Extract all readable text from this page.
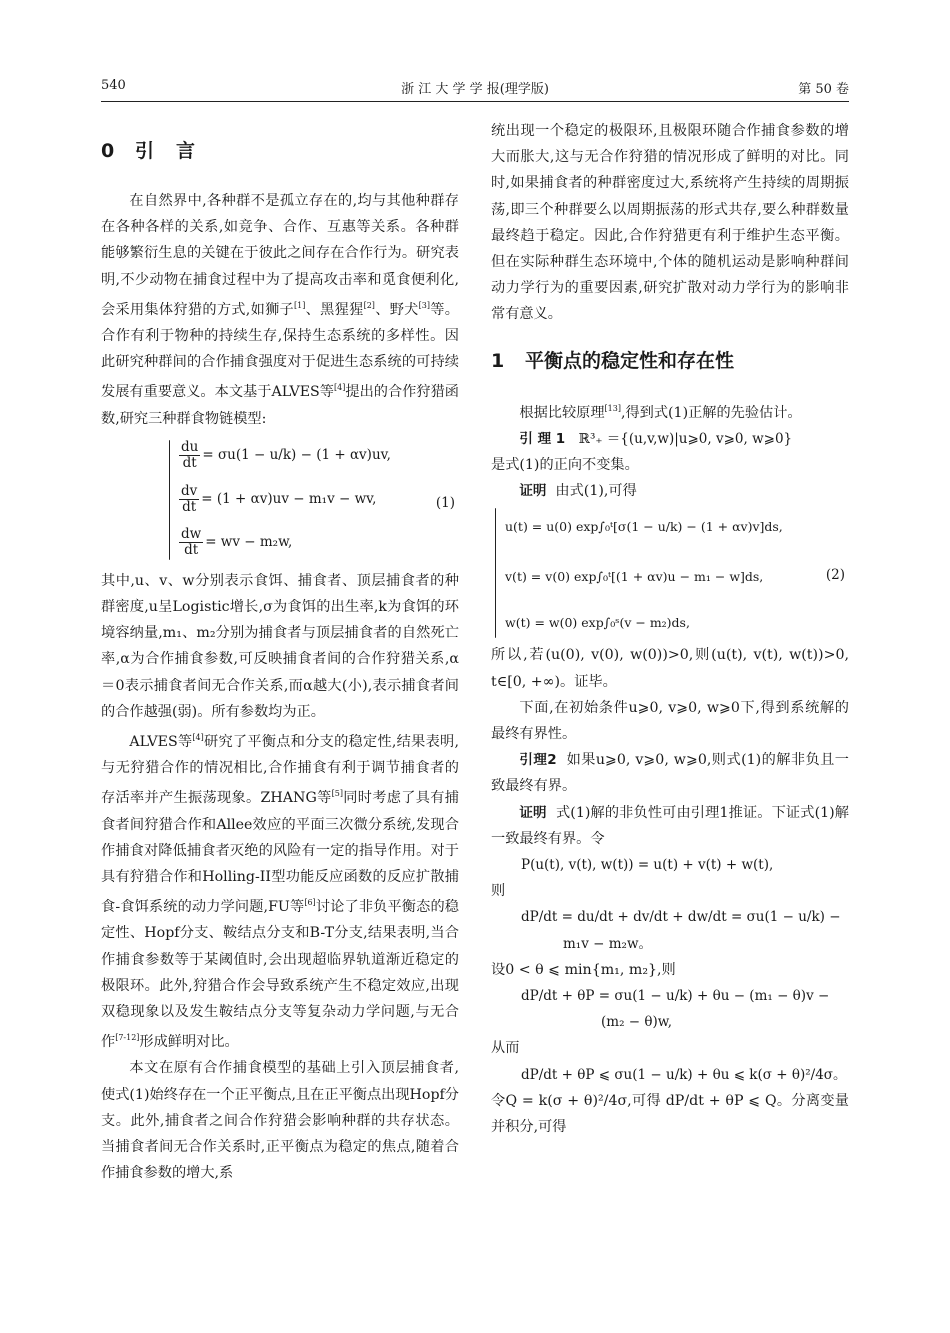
540	浙 江 大 学 学 报(理学版)	第 50 卷
0 引言

在自然界中,各种群不是孤立存在的,均与其他种群存在各种各样的关系,如竞争、合作、互惠等关系。各种群能够繁衍生息的关键在于彼此之间存在合作行为。研究表明,不少动物在捕食过程中为了提高攻击率和觅食便利化,会采用集体狩猎的方式,如狮子[1]、黑猩猩[2]、野犬[3]等。合作有利于物种的持续生存,保持生态系统的多样性。因此研究种群间的合作捕食强度对于促进生态系统的可持续发展有重要意义。本文基于ALVES等[4]提出的合作狩猎函数,研究三种群食物链模型:

$\frac{du}{dt} = \sigma u(1 - u/k) - (1 + \alpha v)uv$,
$\frac{dv}{dt} = (1 + \alpha v)uv - m_1v$ − wv,
$\frac{dw}{dt}$ = wv − m₂w,
(1)

其中,u、v、w分别表示食饵、捕食者、顶层捕食者的种群密度,u呈Logistic增长,σ为食饵的出生率,k为食饵的环境容纳量,m₁、m₂分别为捕食者与顶层捕食者的自然死亡率,α为合作捕食参数,可反映捕食者间的合作狩猎关系,α＝0表示捕食者间无合作关系,而α越大(小),表示捕食者间的合作越强(弱)。所有参数均为正。

ALVES等[4]研究了平衡点和分支的稳定性,结果表明,与无狩猎合作的情况相比,合作捕食有利于调节捕食者的存活率并产生振荡现象。ZHANG等[5]同时考虑了具有捕食者间狩猎合作和Allee效应的平面三次微分系统,发现合作捕食对降低捕食者灭绝的风险有一定的指导作用。对于具有狩猎合作和Holling-II型功能反应函数的反应扩散捕食-食饵系统的动力学问题,FU等[6]讨论了非负平衡态的稳定性、Hopf分支、鞍结点分支和B-T分支,结果表明,当合作捕食参数等于某阈值时,会出现超临界轨道渐近稳定的极限环。此外,狩猎合作会导致系统产生不稳定效应,出现双稳现象以及发生鞍结点分支等复杂动力学问题,与无合作[7-12]形成鲜明对比。

本文在原有合作捕食模型的基础上引入顶层捕食者,使式(1)始终存在一个正平衡点,且在正平衡点出现Hopf分支。此外,捕食者之间合作狩猎会影响种群的共存状态。当捕食者间无合作关系时,正平衡点为稳定的焦点,随着合作捕食参数的增大,系

统出现一个稳定的极限环,且极限环随合作捕食参数的增大而胀大,这与无合作狩猎的情况形成了鲜明的对比。同时,如果捕食者的种群密度过大,系统将产生持续的周期振荡,即三个种群要么以周期振荡的形式共存,要么种群数量最终趋于稳定。因此,合作狩猎更有利于维护生态平衡。但在实际种群生态环境中,个体的随机运动是影响种群间动力学行为的重要因素,研究扩散对动力学行为的影响非常有意义。

1 平衡点的稳定性和存在性

根据比较原理[13],得到式(1)正解的先验估计。

引 理 1 ℝ³₊ ＝{(u,v,w)|u⩾0, v⩾0, w⩾0}

是式(1)的正向不变集。

证明 由式(1),可得

u(t) = u(0) exp∫₀ᵗ[σ(1 − u/k) − (1 + αv)v]ds,
v(t) = v(0) exp∫₀ᵗ[(1 + αv)u − m₁ − w]ds,
w(t) = w(0) exp∫₀ˢ(v − m₂)ds,
(2)

所以,若(u(0), v(0), w(0))>0,则(u(t), v(t), w(t))>0, t∈[0, +∞)。证毕。

下面,在初始条件u⩾0, v⩾0, w⩾0下,得到系统解的最终有界性。

引理2 如果u⩾0, v⩾0, w⩾0,则式(1)的解非负且一致最终有界。

证明 式(1)解的非负性可由引理1推证。下证式(1)解一致最终有界。令

P(u(t), v(t), w(t)) = u(t) + v(t) + w(t),

则

dP/dt = du/dt + dv/dt + dw/dt = σu(1 − u/k) −

m₁v − m₂w。

设0 < θ ⩽ min{m₁, m₂},则

dP/dt + θP = σu(1 − u/k) + θu − (m₁ − θ)v −

(m₂ − θ)w,

从而

dP/dt + θP ⩽ σu(1 − u/k) + θu ⩽ k(σ + θ)²/4σ。

令Q = k(σ + θ)²/4σ,可得 dP/dt + θP ⩽ Q。分离变量并积分,可得
